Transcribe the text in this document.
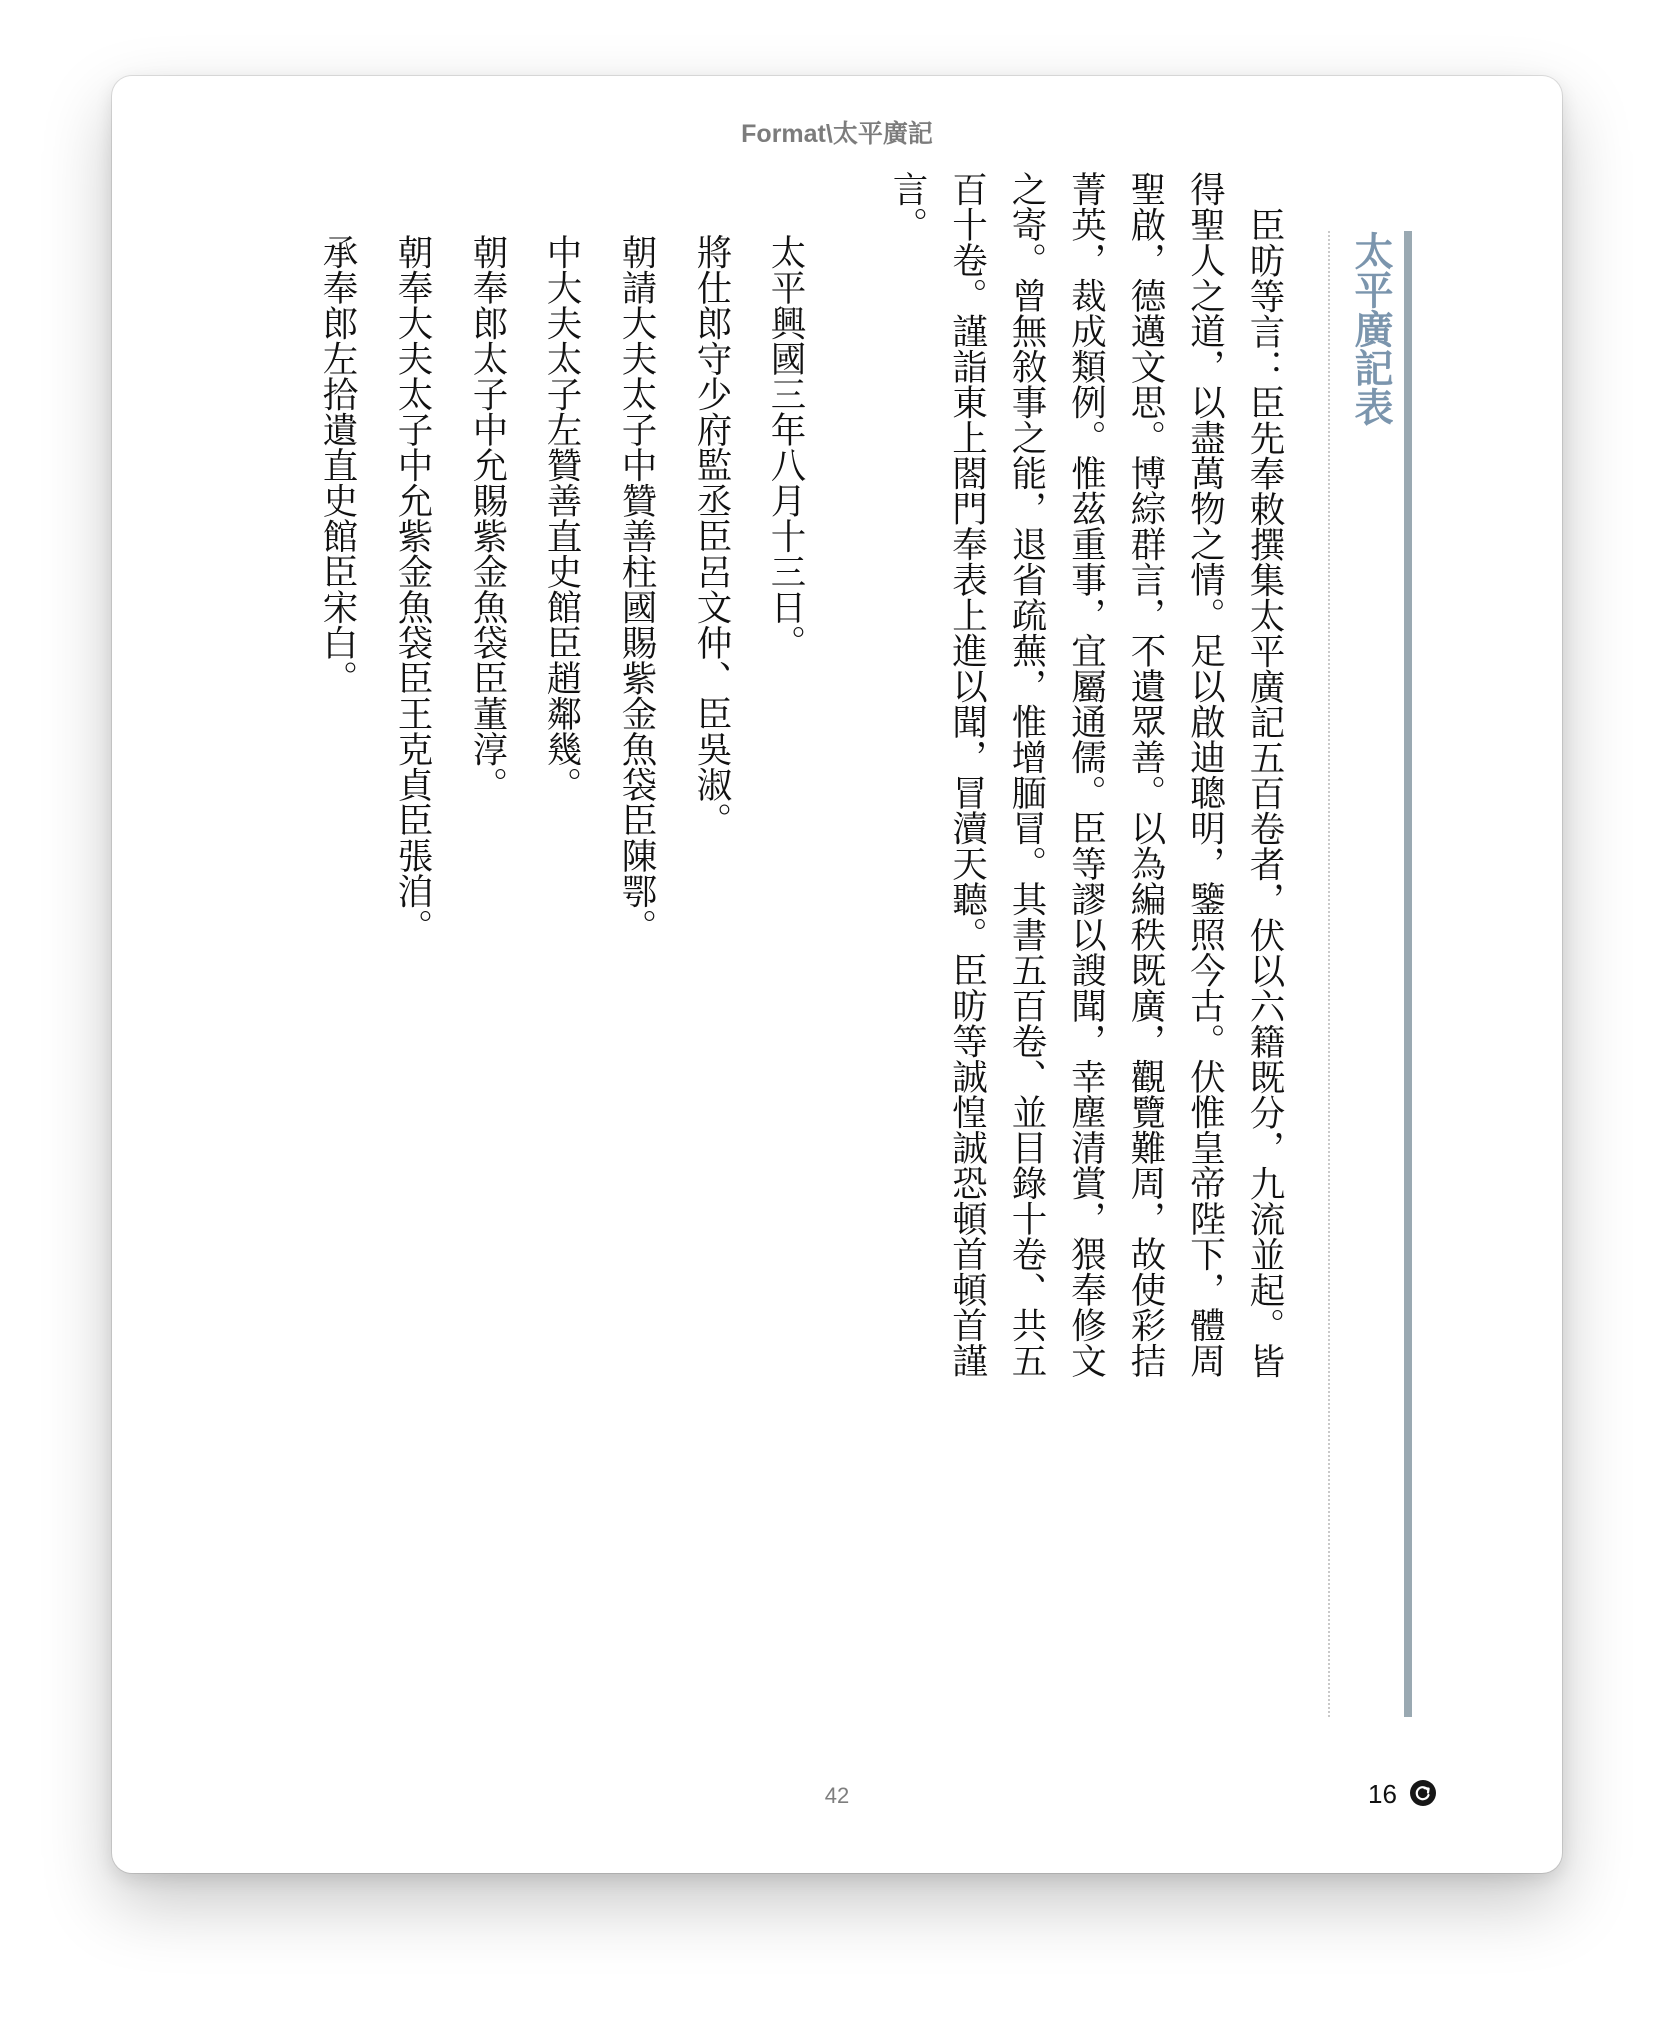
Format\太平廣記
太平廣記表
臣昉等言：臣先奉敕撰集太平廣記五百卷者，伏以六籍既分，九流並起。皆得聖人之道，以盡萬物之情。足以啟迪聰明，鑒照今古。伏惟皇帝陛下，體周聖啟，德邁文思。博綜群言，不遺眾善。以為編秩既廣，觀覽難周，故使彩拮菁英，裁成類例。惟茲重事，宜屬通儒。臣等謬以謏聞，幸塵清賞，猥奉修文之寄。曾無敘事之能，退省疏蕪，惟增腼冒。其書五百卷、並目錄十卷、共五百十卷。謹詣東上閤門奉表上進以聞，冒瀆天聽。臣昉等誠惶誠恐頓首頓首謹言。
太平興國三年八月十三日。
將仕郎守少府監丞臣呂文仲、臣吳淑。
朝請大夫太子中贊善柱國賜紫金魚袋臣陳鄂。
中大夫太子左贊善直史館臣趙鄰幾。
朝奉郎太子中允賜紫金魚袋臣董淳。
朝奉大夫太子中允紫金魚袋臣王克貞臣張洎。
承奉郎左拾遺直史館臣宋白。
42	16
